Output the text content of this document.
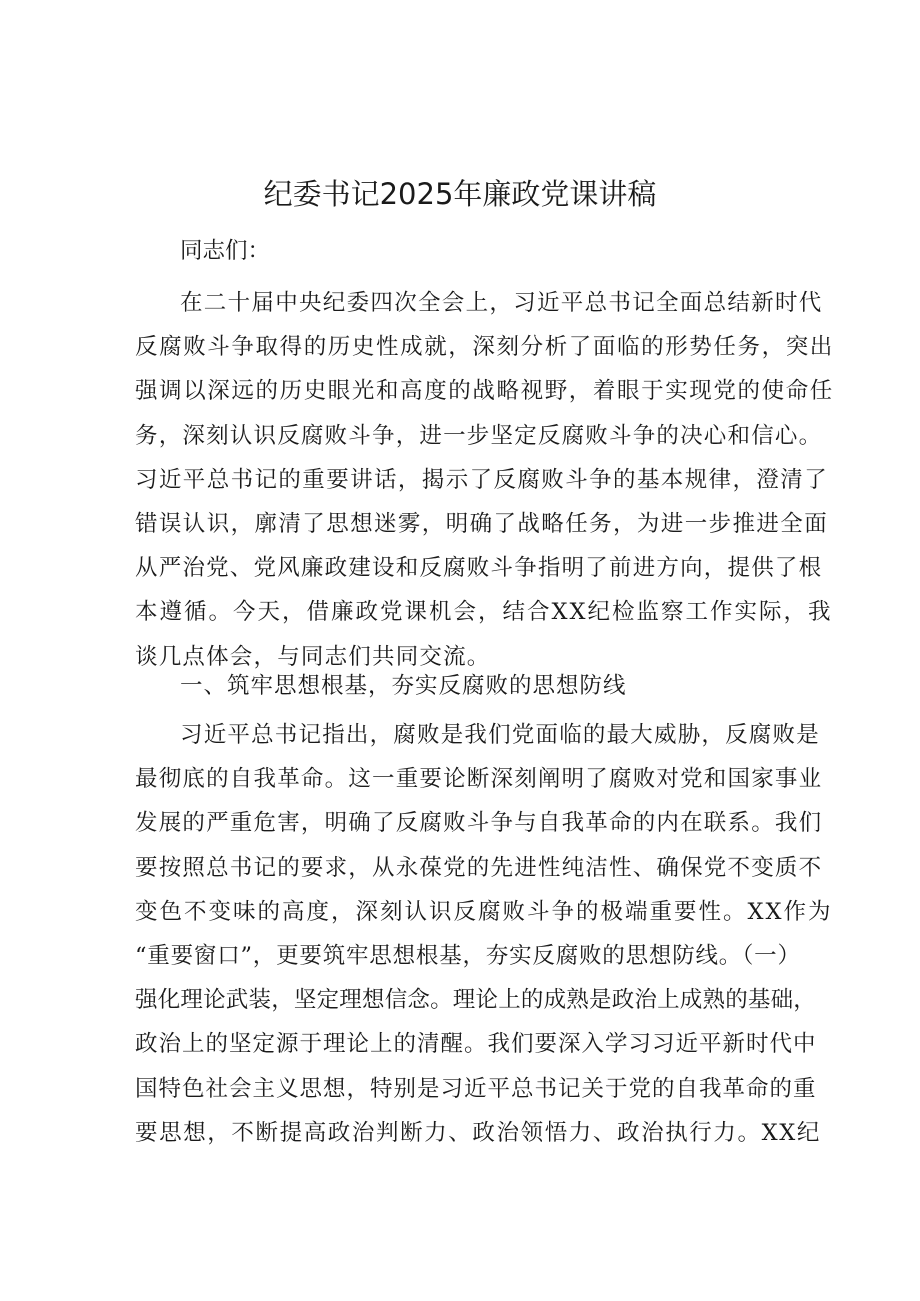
纪委书记2025年廉政党课讲稿
同志们：
在二十届中央纪委四次全会上，习近平总书记全面总结新时代
反腐败斗争取得的历史性成就，深刻分析了面临的形势任务，突出
强调以深远的历史眼光和高度的战略视野，着眼于实现党的使命任
务，深刻认识反腐败斗争，进一步坚定反腐败斗争的决心和信心。
习近平总书记的重要讲话，揭示了反腐败斗争的基本规律，澄清了
错误认识，廓清了思想迷雾，明确了战略任务，为进一步推进全面
从严治党、党风廉政建设和反腐败斗争指明了前进方向，提供了根
本遵循。今天，借廉政党课机会，结合XX纪检监察工作实际，我
谈几点体会，与同志们共同交流。
一、筑牢思想根基，夯实反腐败的思想防线
习近平总书记指出，腐败是我们党面临的最大威胁，反腐败是
最彻底的自我革命。这一重要论断深刻阐明了腐败对党和国家事业
发展的严重危害，明确了反腐败斗争与自我革命的内在联系。我们
要按照总书记的要求，从永葆党的先进性纯洁性、确保党不变质不
变色不变味的高度，深刻认识反腐败斗争的极端重要性。XX作为
“重要窗口”，更要筑牢思想根基，夯实反腐败的思想防线。（一）
强化理论武装，坚定理想信念。理论上的成熟是政治上成熟的基础，
政治上的坚定源于理论上的清醒。我们要深入学习习近平新时代中
国特色社会主义思想，特别是习近平总书记关于党的自我革命的重
要思想，不断提高政治判断力、政治领悟力、政治执行力。XX纪
